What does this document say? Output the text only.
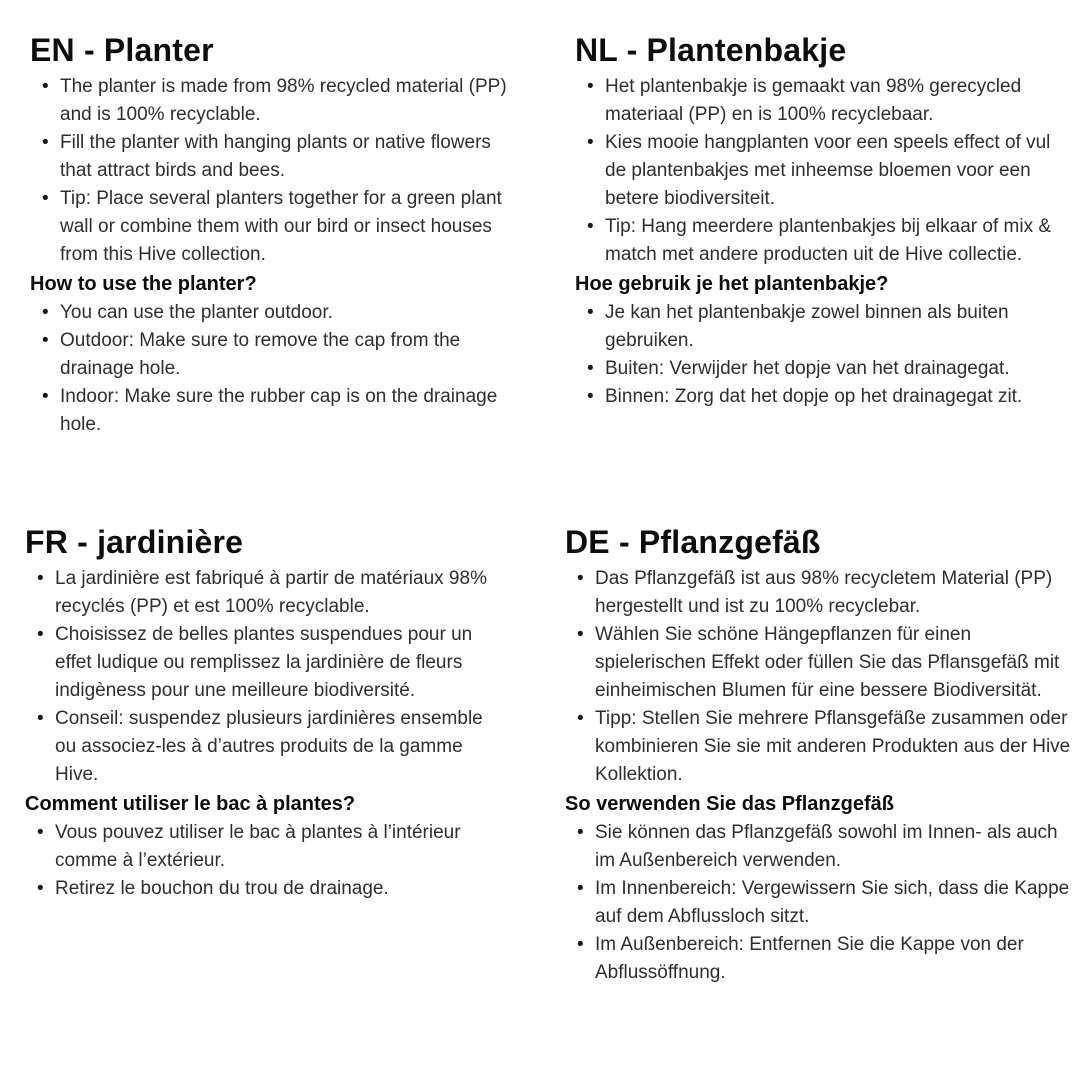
EN - Planter
• The planter is made from 98% recycled material (PP) and is 100% recyclable.
• Fill the planter with hanging plants or native flowers that attract birds and bees.
• Tip: Place several planters together for a green plant wall or combine them with our bird or insect houses from this Hive collection.
How to use the planter?
• You can use the planter outdoor.
• Outdoor: Make sure to remove the cap from the drainage hole.
• Indoor: Make sure the rubber cap is on the drainage hole.
NL - Plantenbakje
• Het plantenbakje is gemaakt van 98% gerecycled materiaal (PP) en is 100% recyclebaar.
• Kies mooie hangplanten voor een speels effect of vul de plantenbakjes met inheemse bloemen voor een betere biodiversiteit.
• Tip: Hang meerdere plantenbakjes bij elkaar of mix & match met andere producten uit de Hive collectie.
Hoe gebruik je het plantenbakje?
• Je kan het plantenbakje zowel binnen als buiten gebruiken.
• Buiten: Verwijder het dopje van het drainagegat.
• Binnen: Zorg dat het dopje op het drainagegat zit.
FR - jardinière
• La jardinière est fabriqué à partir de matériaux 98% recyclés (PP) et est 100% recyclable.
• Choisissez de belles plantes suspendues pour un effet ludique ou remplissez la jardinière de fleurs indigèness pour une meilleure biodiversité.
• Conseil: suspendez plusieurs jardinières ensemble ou associez-les à d’autres produits de la gamme Hive.
Comment utiliser le bac à plantes?
• Vous pouvez utiliser le bac à plantes à l’intérieur comme à l’extérieur.
• Retirez le bouchon du trou de drainage.
DE - Pflanzgefäß
• Das Pflanzgefäß ist aus 98% recycletem Material (PP) hergestellt und ist zu 100% recyclebar.
• Wählen Sie schöne Hängepflanzen für einen spielerischen Effekt oder füllen Sie das Pflansgefäß mit einheimischen Blumen für eine bessere Biodiversität.
• Tipp: Stellen Sie mehrere Pflansgefäße zusammen oder kombinieren Sie sie mit anderen Produkten aus der Hive Kollektion.
So verwenden Sie das Pflanzgefäß
• Sie können das Pflanzgefäß sowohl im Innen- als auch im Außenbereich verwenden.
• Im Innenbereich: Vergewissern Sie sich, dass die Kappe auf dem Abflussloch sitzt.
• Im Außenbereich: Entfernen Sie die Kappe von der Abflussöffnung.
